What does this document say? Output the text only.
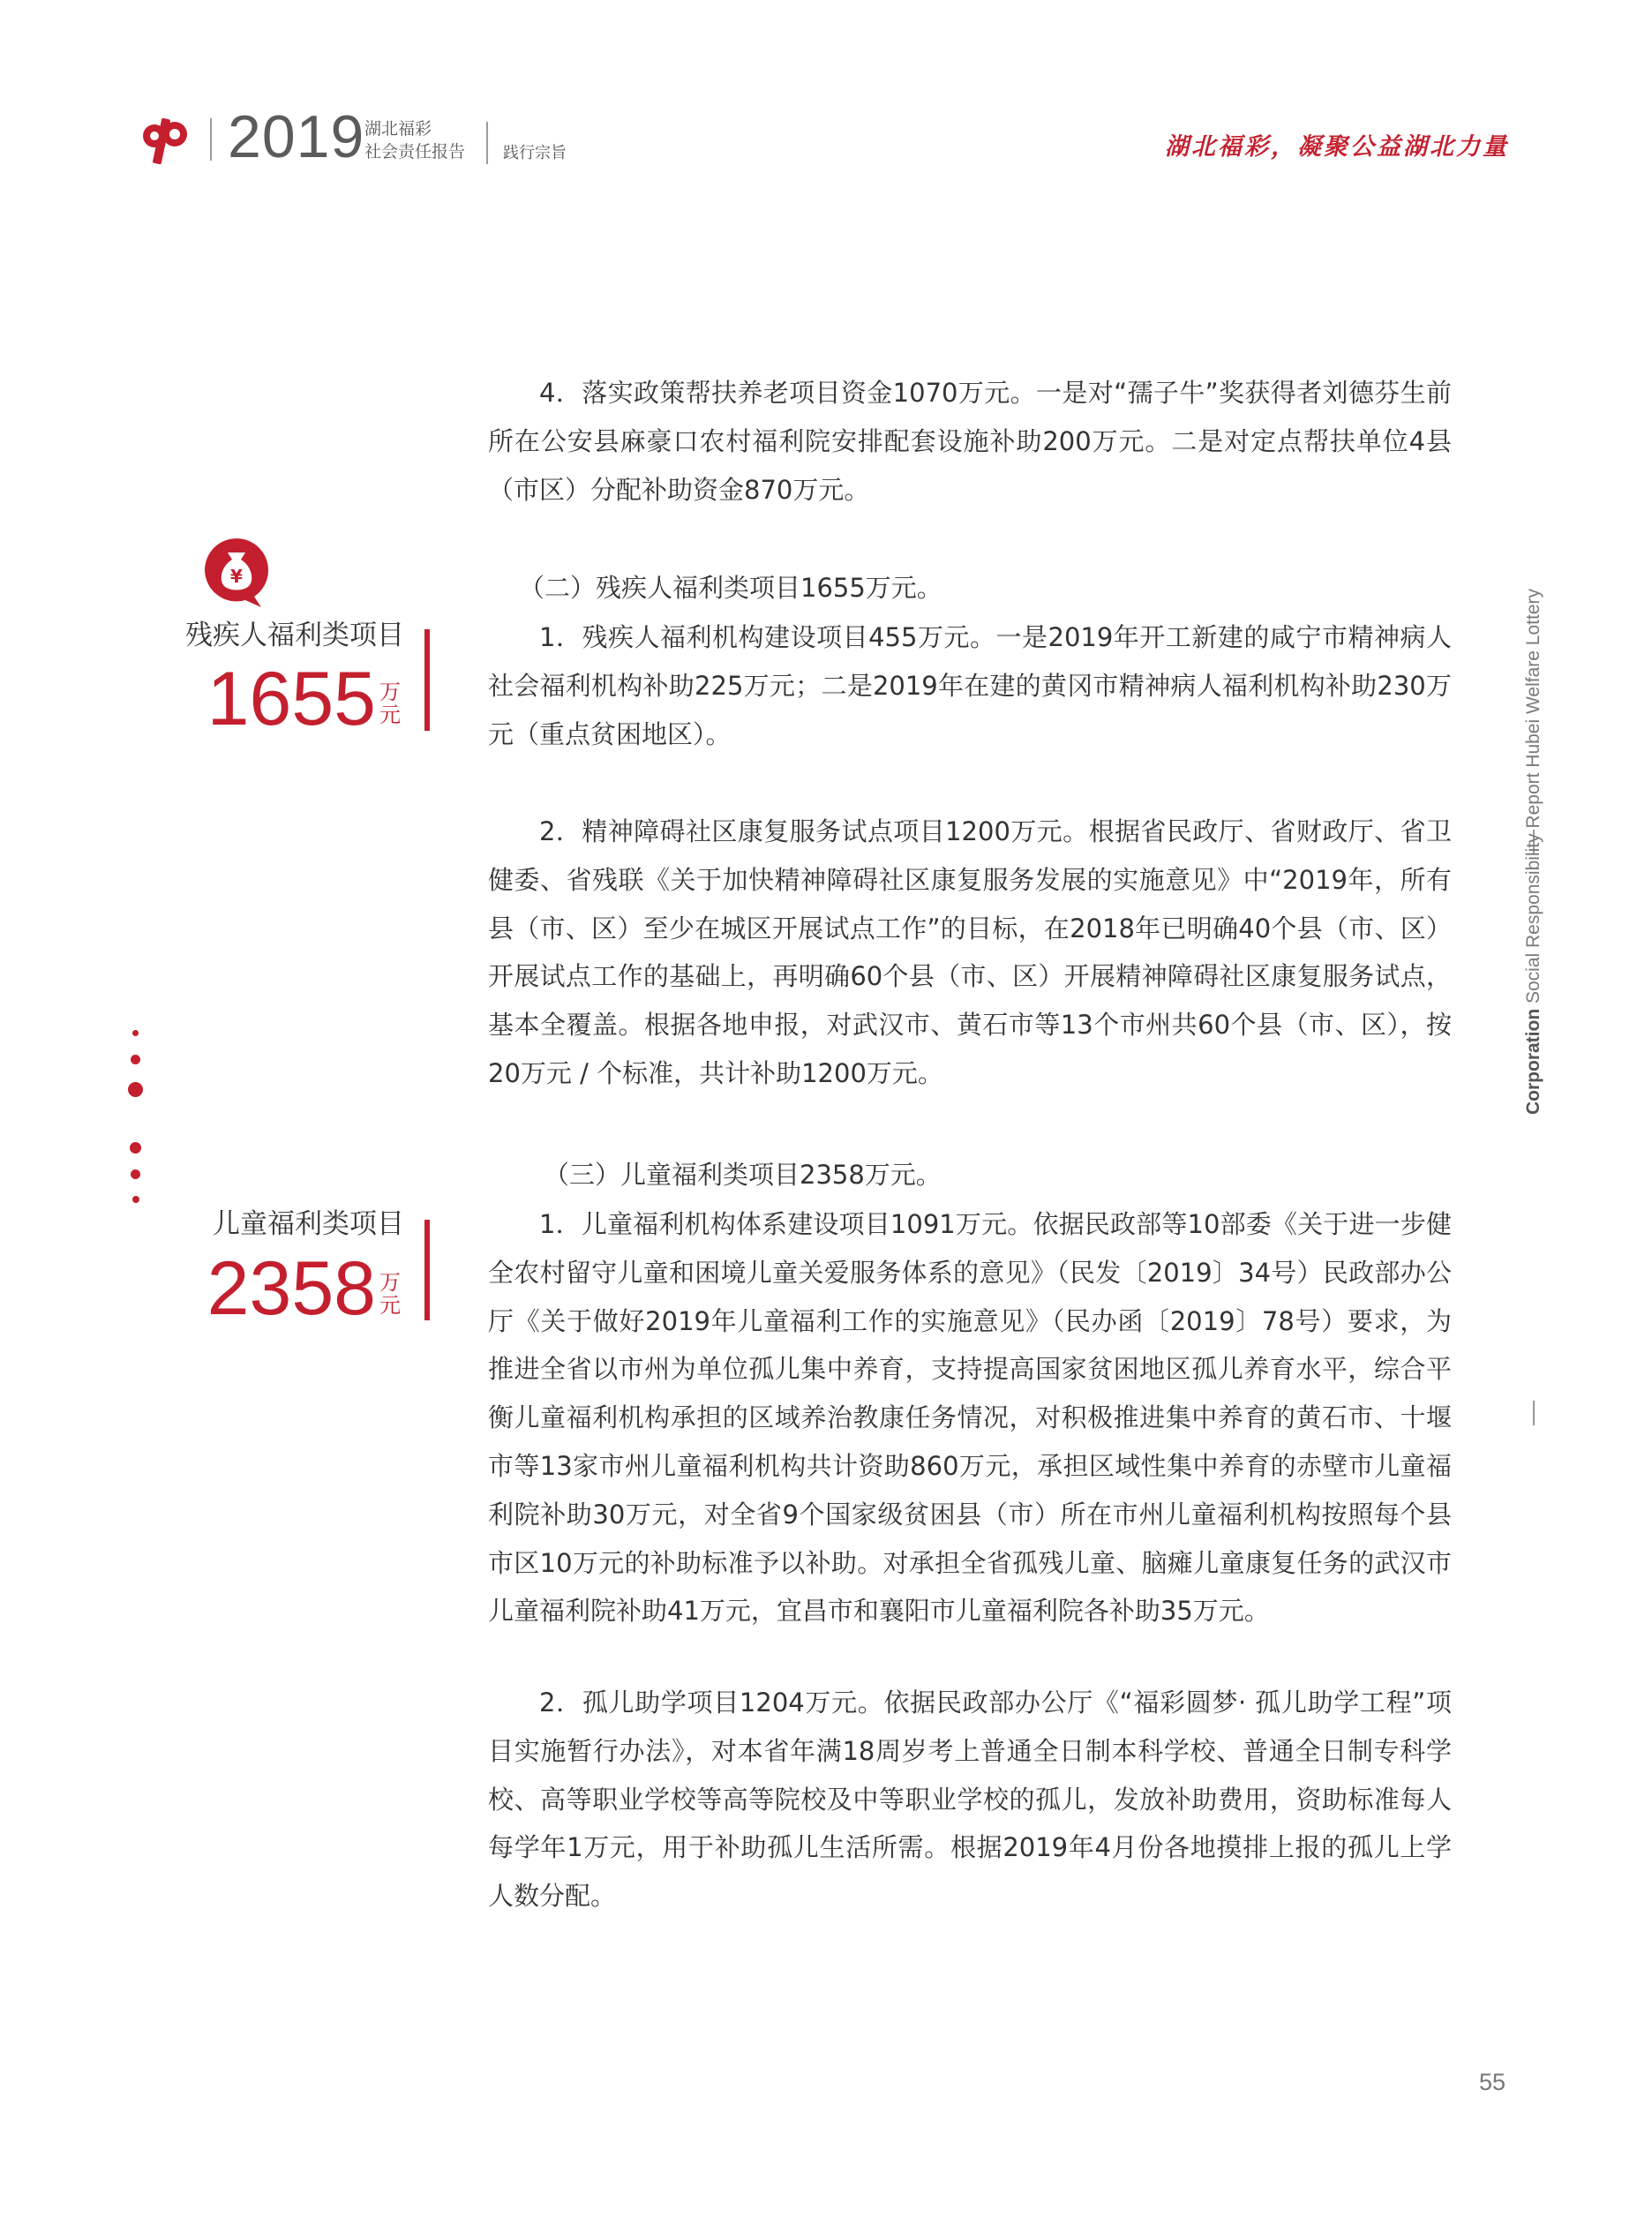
2019 湖北福彩
社会责任报告 践行宗旨	湖北福彩，凝聚公益湖北力量
¥
残疾人福利类项目
1655 万
元
儿童福利类项目
2358 万
元

4．落实政策帮扶养老项目资金1070万元。一是对“孺子牛”奖获得者刘德芬生前所在公安县麻豪口农村福利院安排配套设施补助200万元。二是对定点帮扶单位4县（市区）分配补助资金870万元。

（二）残疾人福利类项目1655万元。

1．残疾人福利机构建设项目455万元。一是2019年开工新建的咸宁市精神病人社会福利机构补助225万元；二是2019年在建的黄冈市精神病人福利机构补助230万元（重点贫困地区）。

2．精神障碍社区康复服务试点项目1200万元。根据省民政厅、省财政厅、省卫健委、省残联《关于加快精神障碍社区康复服务发展的实施意见》中“2019年，所有县（市、区）至少在城区开展试点工作”的目标，在2018年已明确40个县（市、区）开展试点工作的基础上，再明确60个县（市、区）开展精神障碍社区康复服务试点，基本全覆盖。根据各地申报，对武汉市、黄石市等13个市州共60个县（市、区），按20万元 / 个标准，共计补助1200万元。

（三）儿童福利类项目2358万元。

1．儿童福利机构体系建设项目1091万元。依据民政部等10部委《关于进一步健全农村留守儿童和困境儿童关爱服务体系的意见》（民发〔2019〕34号）民政部办公厅《关于做好2019年儿童福利工作的实施意见》（民办函〔2019〕78号）要求，为推进全省以市州为单位孤儿集中养育，支持提高国家贫困地区孤儿养育水平，综合平衡儿童福利机构承担的区域养治教康任务情况，对积极推进集中养育的黄石市、十堰市等13家市州儿童福利机构共计资助860万元，承担区域性集中养育的赤壁市儿童福利院补助30万元，对全省9个国家级贫困县（市）所在市州儿童福利机构按照每个县市区10万元的补助标准予以补助。对承担全省孤残儿童、脑瘫儿童康复任务的武汉市儿童福利院补助41万元，宜昌市和襄阳市儿童福利院各补助35万元。

2．孤儿助学项目1204万元。依据民政部办公厅《“福彩圆梦· 孤儿助学工程”项目实施暂行办法》，对本省年满18周岁考上普通全日制本科学校、普通全日制专科学校、高等职业学校等高等院校及中等职业学校的孤儿，发放补助费用，资助标准每人每学年1万元，用于补助孤儿生活所需。根据2019年4月份各地摸排上报的孤儿上学人数分配。

Corporation Social Responsibility Report Hubei Welfare Lottery
55
